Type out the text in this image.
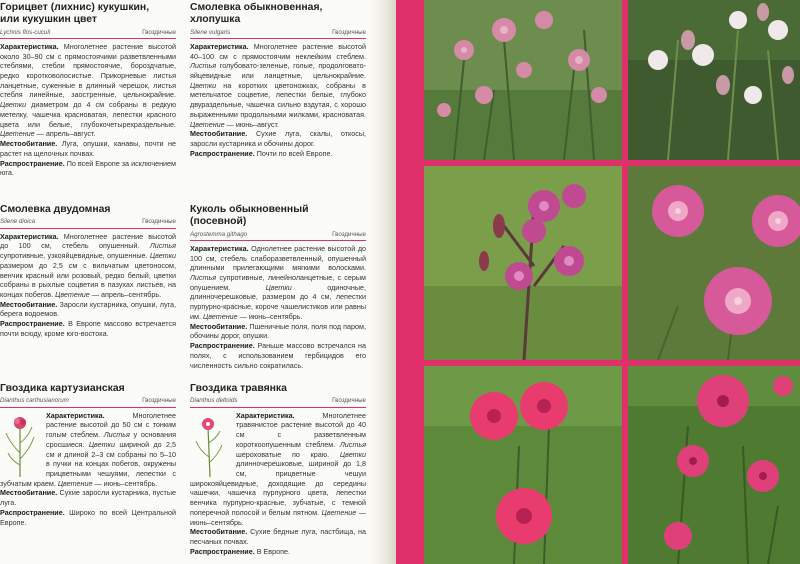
Горицвет (лихнис) кукушкин,
или кукушкин цвет
Lychnis flos-cuculi	Гвоздичные

Характеристика. Многолетнее растение высотой около 30–90 см с прямостоячими разветвленными стеблями, стебли прямостоячие, бороздчатые, редко коротковолосистые. Прикорневые листья ланцетные, суженные в длинный черешок, листья стебля линейные, заостренные, цельнокрайние. Цветки диаметром до 4 см собраны в редкую метелку, чашечка красноватая, лепестки красного цвета или белые, глубокочетырехраздельные. Цветение — апрель–август.

Местообитание. Луга, опушки, канавы, почти не растет на щелочных почвах.

Распространение. По всей Европе за исключением юга.

Смолевка двудомная
Silene dioica	Гвоздичные

Характеристика. Многолетнее растение высотой до 100 см, стебель опушенный. Листья супротивные, узкояйцевидные, опушенные. Цветки размером до 2,5 см с вильчатым цветоносом, венчик красный или розовый, редко белый, цветки собраны в рыхлые соцветия в пазухах листьев, на концах побегов. Цветение — апрель–сентябрь.

Местообитание. Заросли кустарника, опушки, луга, берега водоемов.

Распространение. В Европе массово встречается почти всюду, кроме юго-востока.

Гвоздика картузианская
Dianthus carthusianorum	Гвоздичные

Характеристика.	Многолетнее растение высотой до 50 см с тонким голым стеблем. Листья у основания сросшиеся. Цветки шириной до 2,5 см и длиной 2–3 см собраны по 5–10 в пучки на концах побегов, окружены прицветными чешуями, лепестки с зубчатым краем. Цветение — июнь–сентябрь.

Местообитание. Сухие заросли кустарника, пустые луга.

Распространение. Широко по всей Центральной Европе.

Смолевка обыкновенная,
хлопушка
Silene vulgaris	Гвоздичные

Характеристика. Многолетнее растение высотой 40–100 см с прямостоячим неклейким стеблем. Листья голубовато-зеленые, голые, продолговато-яйцевидные или ланцетные, цельнокрайние. Цветки на коротких цветоножках, собраны в метельчатое соцветие, лепестки белые, глубоко двураздельные, чашечка сильно вздутая, с хорошо выраженными продольными жилками, красноватая. Цветение — июнь–август.

Местообитание. Сухие луга, скалы, откосы, заросли кустарника и обочины дорог.

Распространение. Почти по всей Европе.

Куколь обыкновенный (посевной)
Agrostemma githago	Гвоздичные

Характеристика. Однолетнее растение высотой до 100 см, стебель слаборазветвленный, опушенный длинными прилегающими мягкими волосками. Листья супротивные, линейноланцетные, с серым опушением.	Цветки	одиночные, длинночерешковые, размером до 4 см, лепестки пурпурно-красные, короче чашелистиков или равны им. Цветение — июнь–сентябрь.

Местообитание. Пшеничные поля, поля под паром, обочины дорог, опушки.

Распространение. Раньше массово встречался на полях, с использованием гербицидов его численность сильно сократилась.

Гвоздика травянка
Dianthus deltoids	Гвоздичные

Характеристика.	Многолетнее травянистое растение высотой до 40 см с разветвленным короткоопушенным стеблем. Листья шероховатые по краю. Цветки длинночерешковые, шириной до 1,8 см, прицветные чешуи широкояйцевидные, доходящие до середины чашечки, чашечка пурпурного цвета, лепестки венчика пурпурно-красные, зубчатые, с темной поперечной полосой и белым пятном. Цветение — июнь–сентябрь.

Местообитание. Сухие бедные луга, пастбища, на песчаных почвах.

Распространение. В Европе.
